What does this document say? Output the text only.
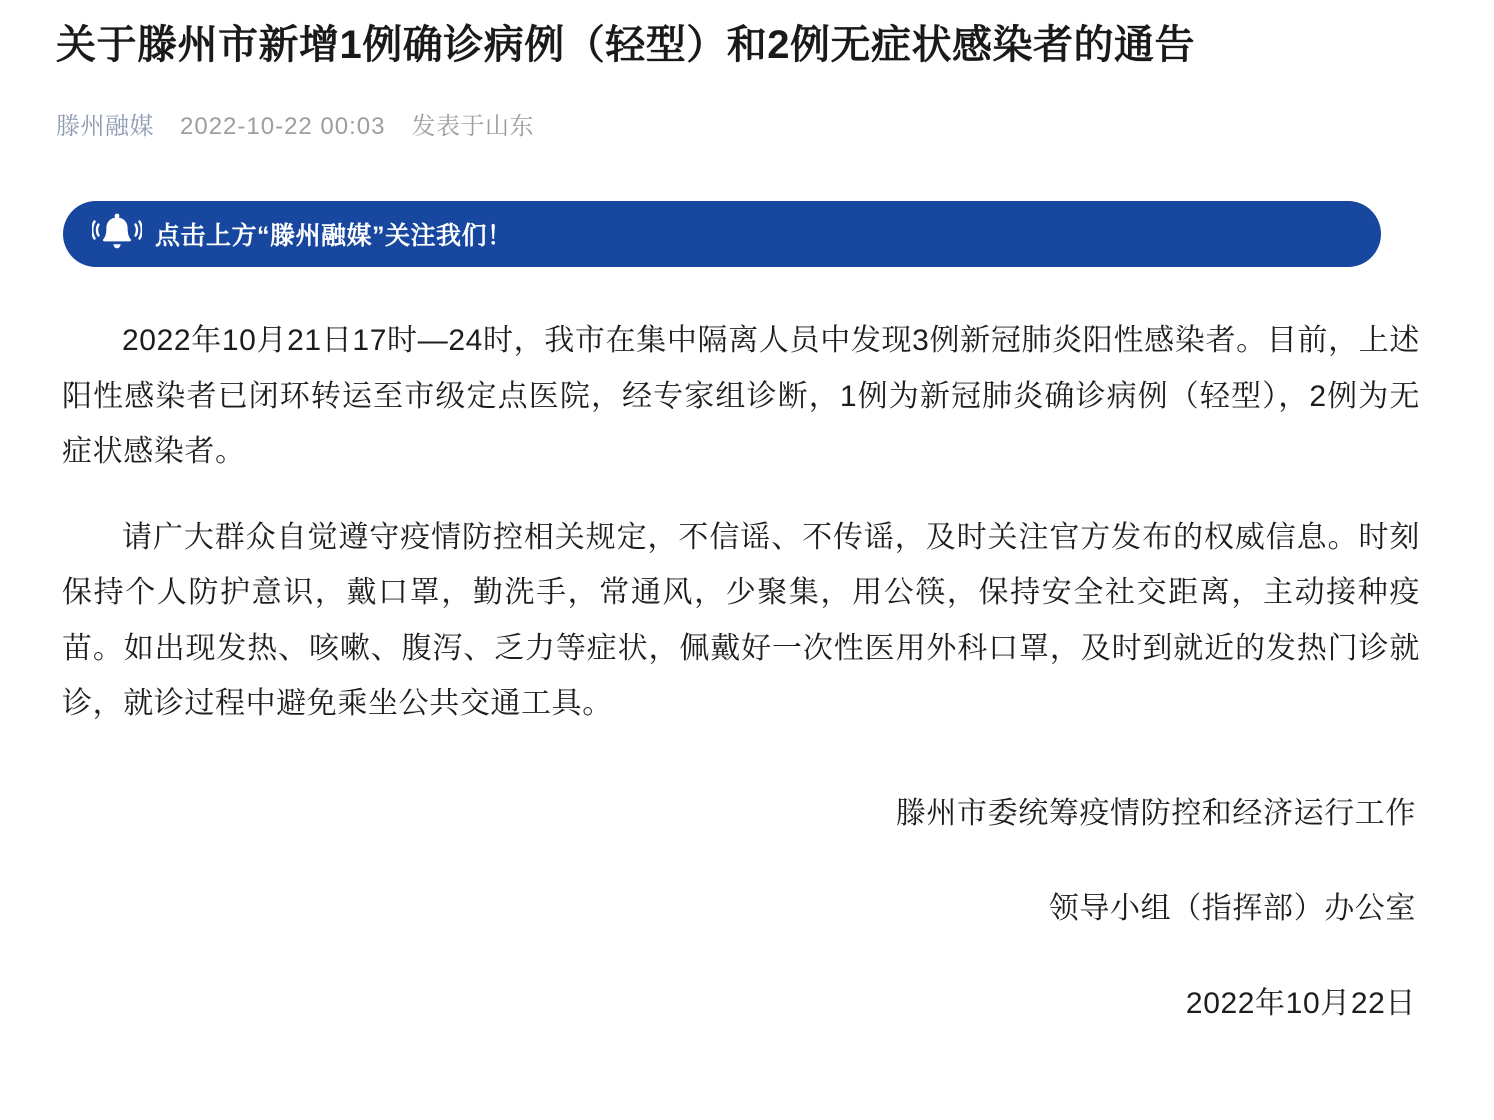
关于滕州市新增1例确诊病例（轻型）和2例无症状感染者的通告
滕州融媒 2022-10-22 00:03 发表于山东
点击上方“滕州融媒”关注我们！

2022年10月21日17时—24时，我市在集中隔离人员中发现3例新冠肺炎阳性感染者。目前，上述阳性感染者已闭环转运至市级定点医院，经专家组诊断，1例为新冠肺炎确诊病例（轻型），2例为无症状感染者。

请广大群众自觉遵守疫情防控相关规定，不信谣、不传谣，及时关注官方发布的权威信息。时刻保持个人防护意识，戴口罩，勤洗手，常通风，少聚集，用公筷，保持安全社交距离，主动接种疫苗。如出现发热、咳嗽、腹泻、乏力等症状，佩戴好一次性医用外科口罩，及时到就近的发热门诊就诊，就诊过程中避免乘坐公共交通工具。

滕州市委统筹疫情防控和经济运行工作
领导小组（指挥部）办公室
2022年10月22日
